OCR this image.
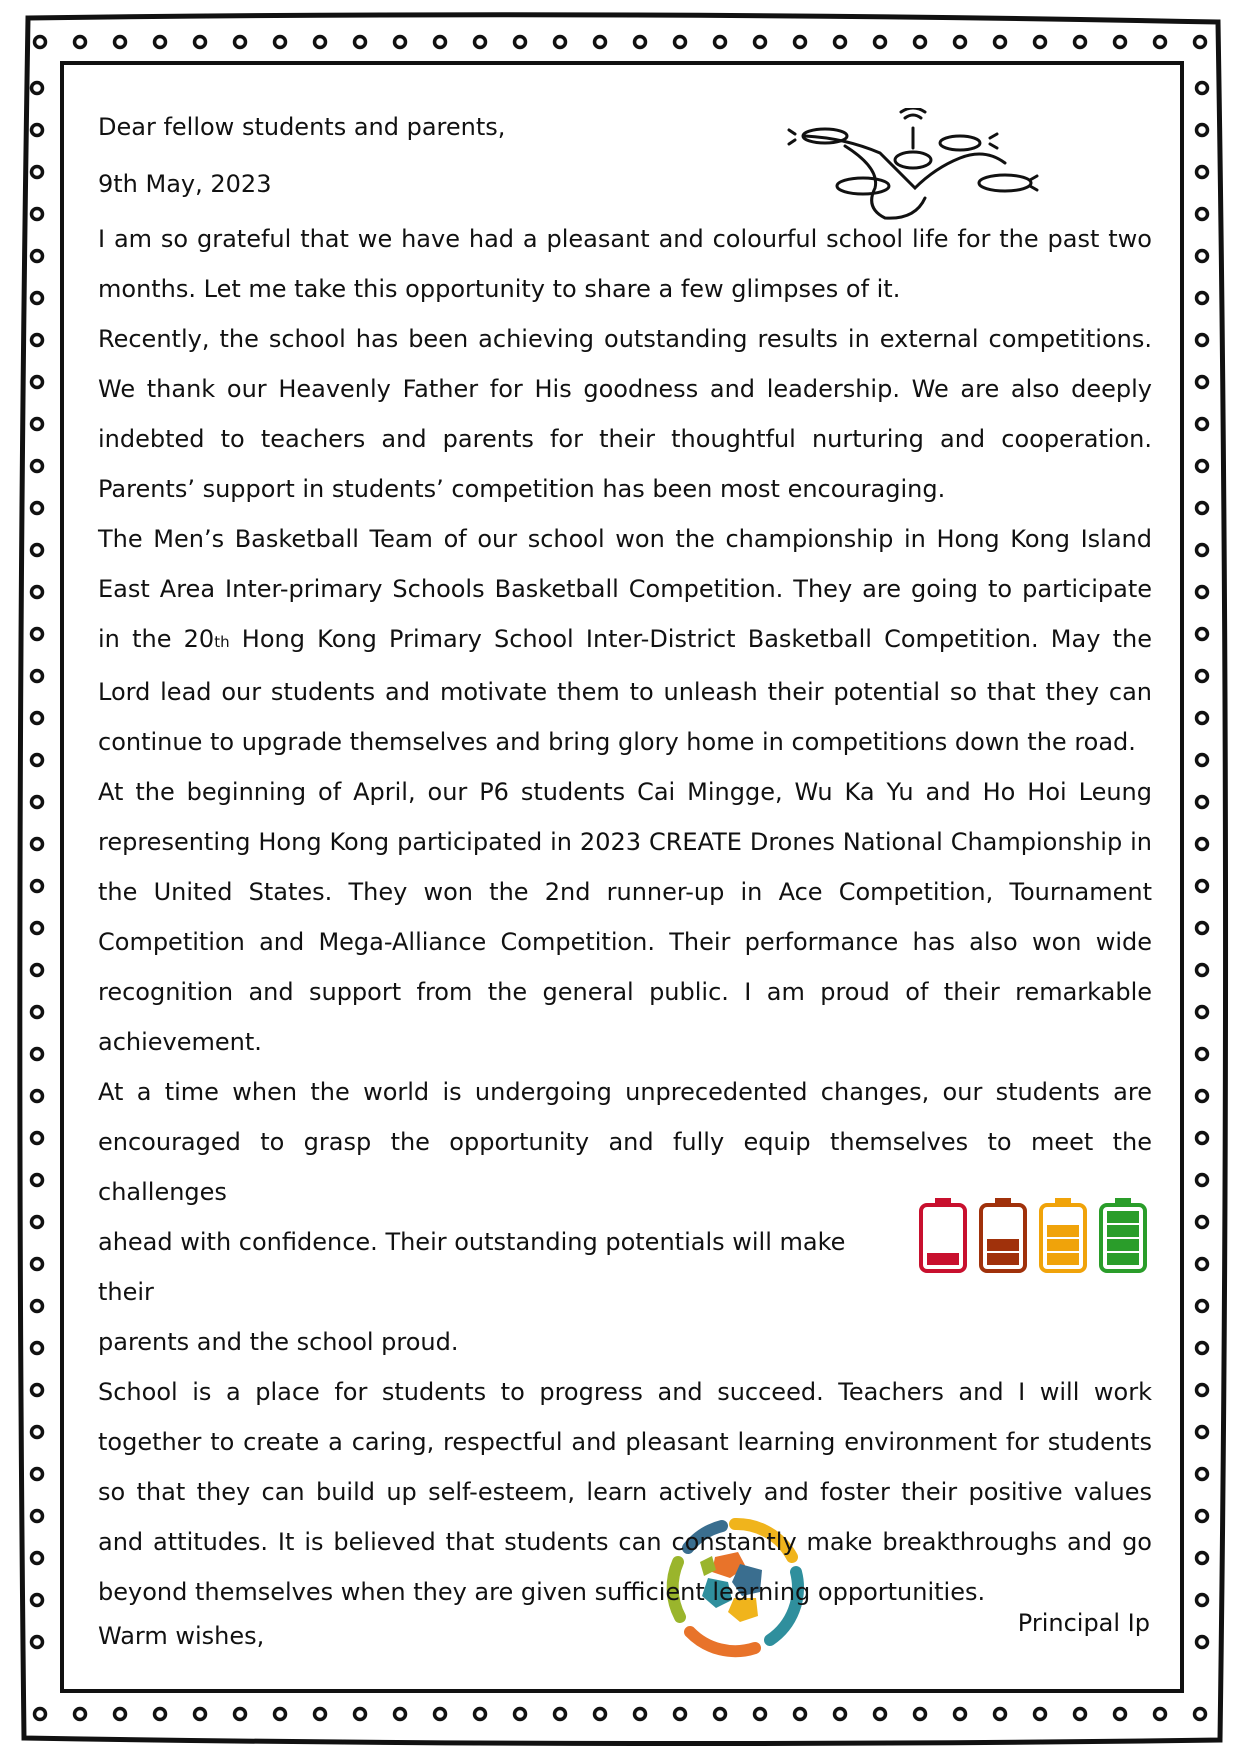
Dear fellow students and parents,

9th May, 2023

I am so grateful that we have had a pleasant and colourful school life for the past two months. Let me take this opportunity to share a few glimpses of it.

Recently, the school has been achieving outstanding results in external competitions. We thank our Heavenly Father for His goodness and leadership. We are also deeply indebted to teachers and parents for their thoughtful nurturing and cooperation. Parents’ support in students’ competition has been most encouraging.

The Men’s Basketball Team of our school won the championship in Hong Kong Island East Area Inter-primary Schools Basketball Competition. They are going to participate in the 20th Hong Kong Primary School Inter-District Basketball Competition. May the Lord lead our students and motivate them to unleash their potential so that they can continue to upgrade themselves and bring glory home in competitions down the road.

At the beginning of April, our P6 students Cai Mingge, Wu Ka Yu and Ho Hoi Leung representing Hong Kong participated in 2023 CREATE Drones National Championship in the United States. They won the 2nd runner-up in Ace Competition, Tournament Competition and Mega-Alliance Competition. Their performance has also won wide recognition and support from the general public. I am proud of their remarkable achievement.

At a time when the world is undergoing unprecedented changes, our students are encouraged to grasp the opportunity and fully equip themselves to meet the challenges

ahead with confidence. Their outstanding potentials will make their

parents and the school proud.

School is a place for students to progress and succeed. Teachers and I will work together to create a caring, respectful and pleasant learning environment for students so that they can build up self-esteem, learn actively and foster their positive values and attitudes. It is believed that students can constantly make breakthroughs and go beyond themselves when they are given sufficient learning opportunities.

Warm wishes,	Principal Ip
